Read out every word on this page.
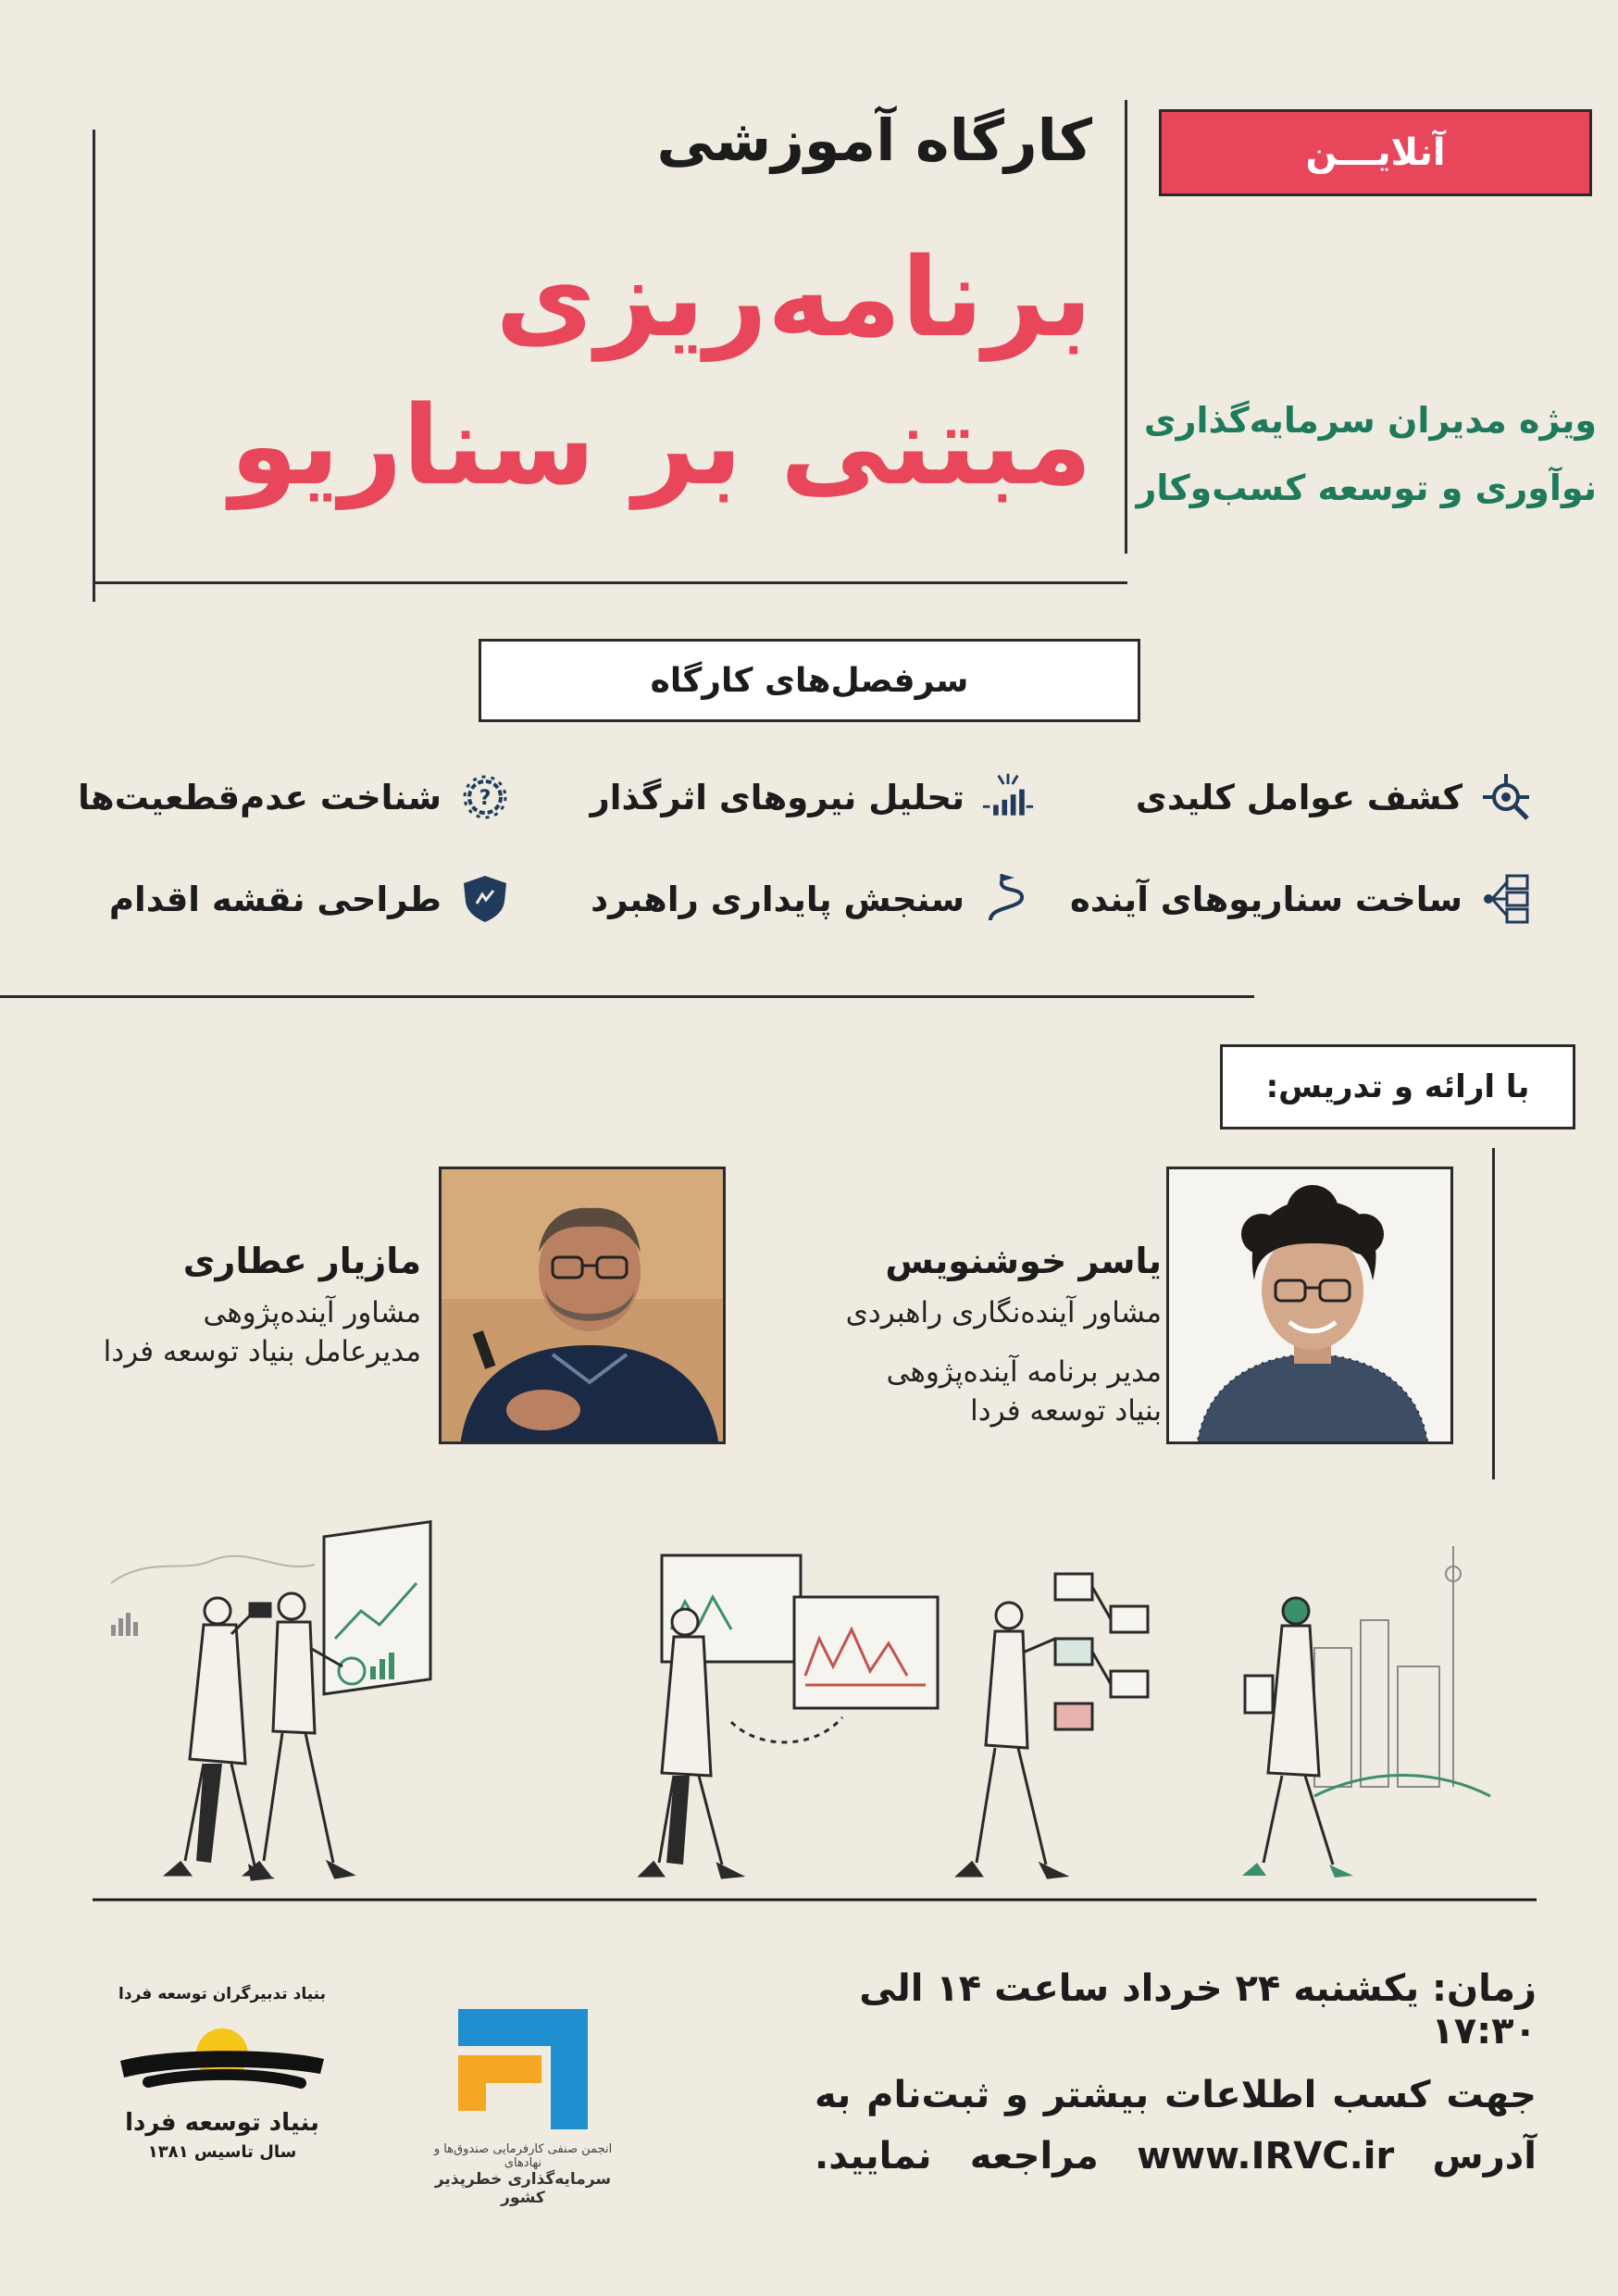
کارگاه آموزشی
برنامه‌ریزی
مبتنی بر سناریو
آنلایـــن
ویژه مدیران سرمایه‌گذاری
نوآوری و توسعه کسب‌وکار
سرفصل‌های کارگاه
کشف عوامل کلیدی
تحلیل نیروهای اثرگذار
?
شناخت عدم‌قطعیت‌ها
ساخت سناریوهای آینده
سنجش پایداری راهبرد
طراحی نقشه اقدام
با ارائه و تدریس:
یاسر خوشنویس
مشاور آینده‌نگاری راهبردی
مدیر برنامه آینده‌پژوهی
بنیاد توسعه فردا
مازیار عطاری
مشاور آینده‌پژوهی
مدیرعامل بنیاد توسعه فردا
زمان: یکشنبه ۲۴ خرداد ساعت ۱۴ الی ۱۷:۳۰
جهت کسب اطلاعات بیشتر و ثبت‌نام به
آدرس www.IRVC.ir مراجعه نمایید.
انجمن صنفی کارفرمایی صندوق‌ها و نهادهای
سرمایه‌گذاری خطرپذیر کشور
بنیاد تدبیرگران توسعه فردا
بنیاد توسعه فردا
سال تاسیس ۱۳۸۱
